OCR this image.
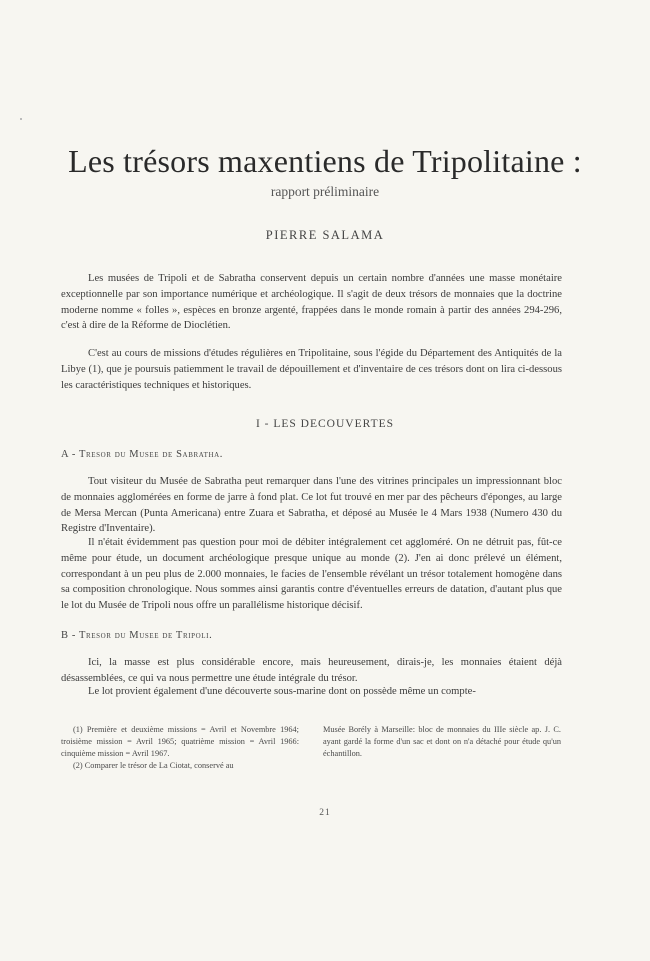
Les trésors maxentiens de Tripolitaine :
rapport préliminaire
PIERRE SALAMA

Les musées de Tripoli et de Sabratha conservent depuis un certain nombre d'années une masse monétaire exceptionnelle par son importance numérique et archéologique. Il s'agit de deux trésors de monnaies que la doctrine moderne nomme « folles », espèces en bronze argenté, frappées dans le monde romain à partir des années 294-296, c'est à dire de la Réforme de Dioclétien.

C'est au cours de missions d'études régulières en Tripolitaine, sous l'égide du Département des Antiquités de la Libye (1), que je poursuis patiemment le travail de dépouillement et d'inventaire de ces trésors dont on lira ci-dessous les caractéristiques techniques et historiques.

I - LES DECOUVERTES
A - Tresor du Musee de Sabratha.

Tout visiteur du Musée de Sabratha peut remarquer dans l'une des vitrines principales un impressionnant bloc de monnaies agglomérées en forme de jarre à fond plat. Ce lot fut trouvé en mer par des pêcheurs d'éponges, au large de Mersa Mercan (Punta Americana) entre Zuara et Sabratha, et déposé au Musée le 4 Mars 1938 (Numero 430 du Registre d'Inventaire).

Il n'était évidemment pas question pour moi de débiter intégralement cet aggloméré. On ne détruit pas, fût-ce même pour étude, un document archéologique presque unique au monde (2). J'en ai donc prélevé un élément, correspondant à un peu plus de 2.000 monnaies, le facies de l'ensemble révélant un trésor totalement homogène dans sa composition chronologique. Nous sommes ainsi garantis contre d'éventuelles erreurs de datation, d'autant plus que le lot du Musée de Tripoli nous offre un parallélisme historique décisif.

B - Tresor du Musee de Tripoli.

Ici, la masse est plus considérable encore, mais heureusement, dirais-je, les monnaies étaient déjà désassemblées, ce qui va nous permettre une étude intégrale du trésor.

Le lot provient également d'une découverte sous-marine dont on possède même un compte-

(1) Première et deuxième missions = Avril et Novembre 1964; troisième mission = Avril 1965; quatrième mission = Avril 1966: cinquième mission = Avril 1967.

(2) Comparer le trésor de La Ciotat, conservé au

Musée Borély à Marseille: bloc de monnaies du IIIe siècle ap. J. C. ayant gardé la forme d'un sac et dont on n'a détaché pour étude qu'un échantillon.

21
